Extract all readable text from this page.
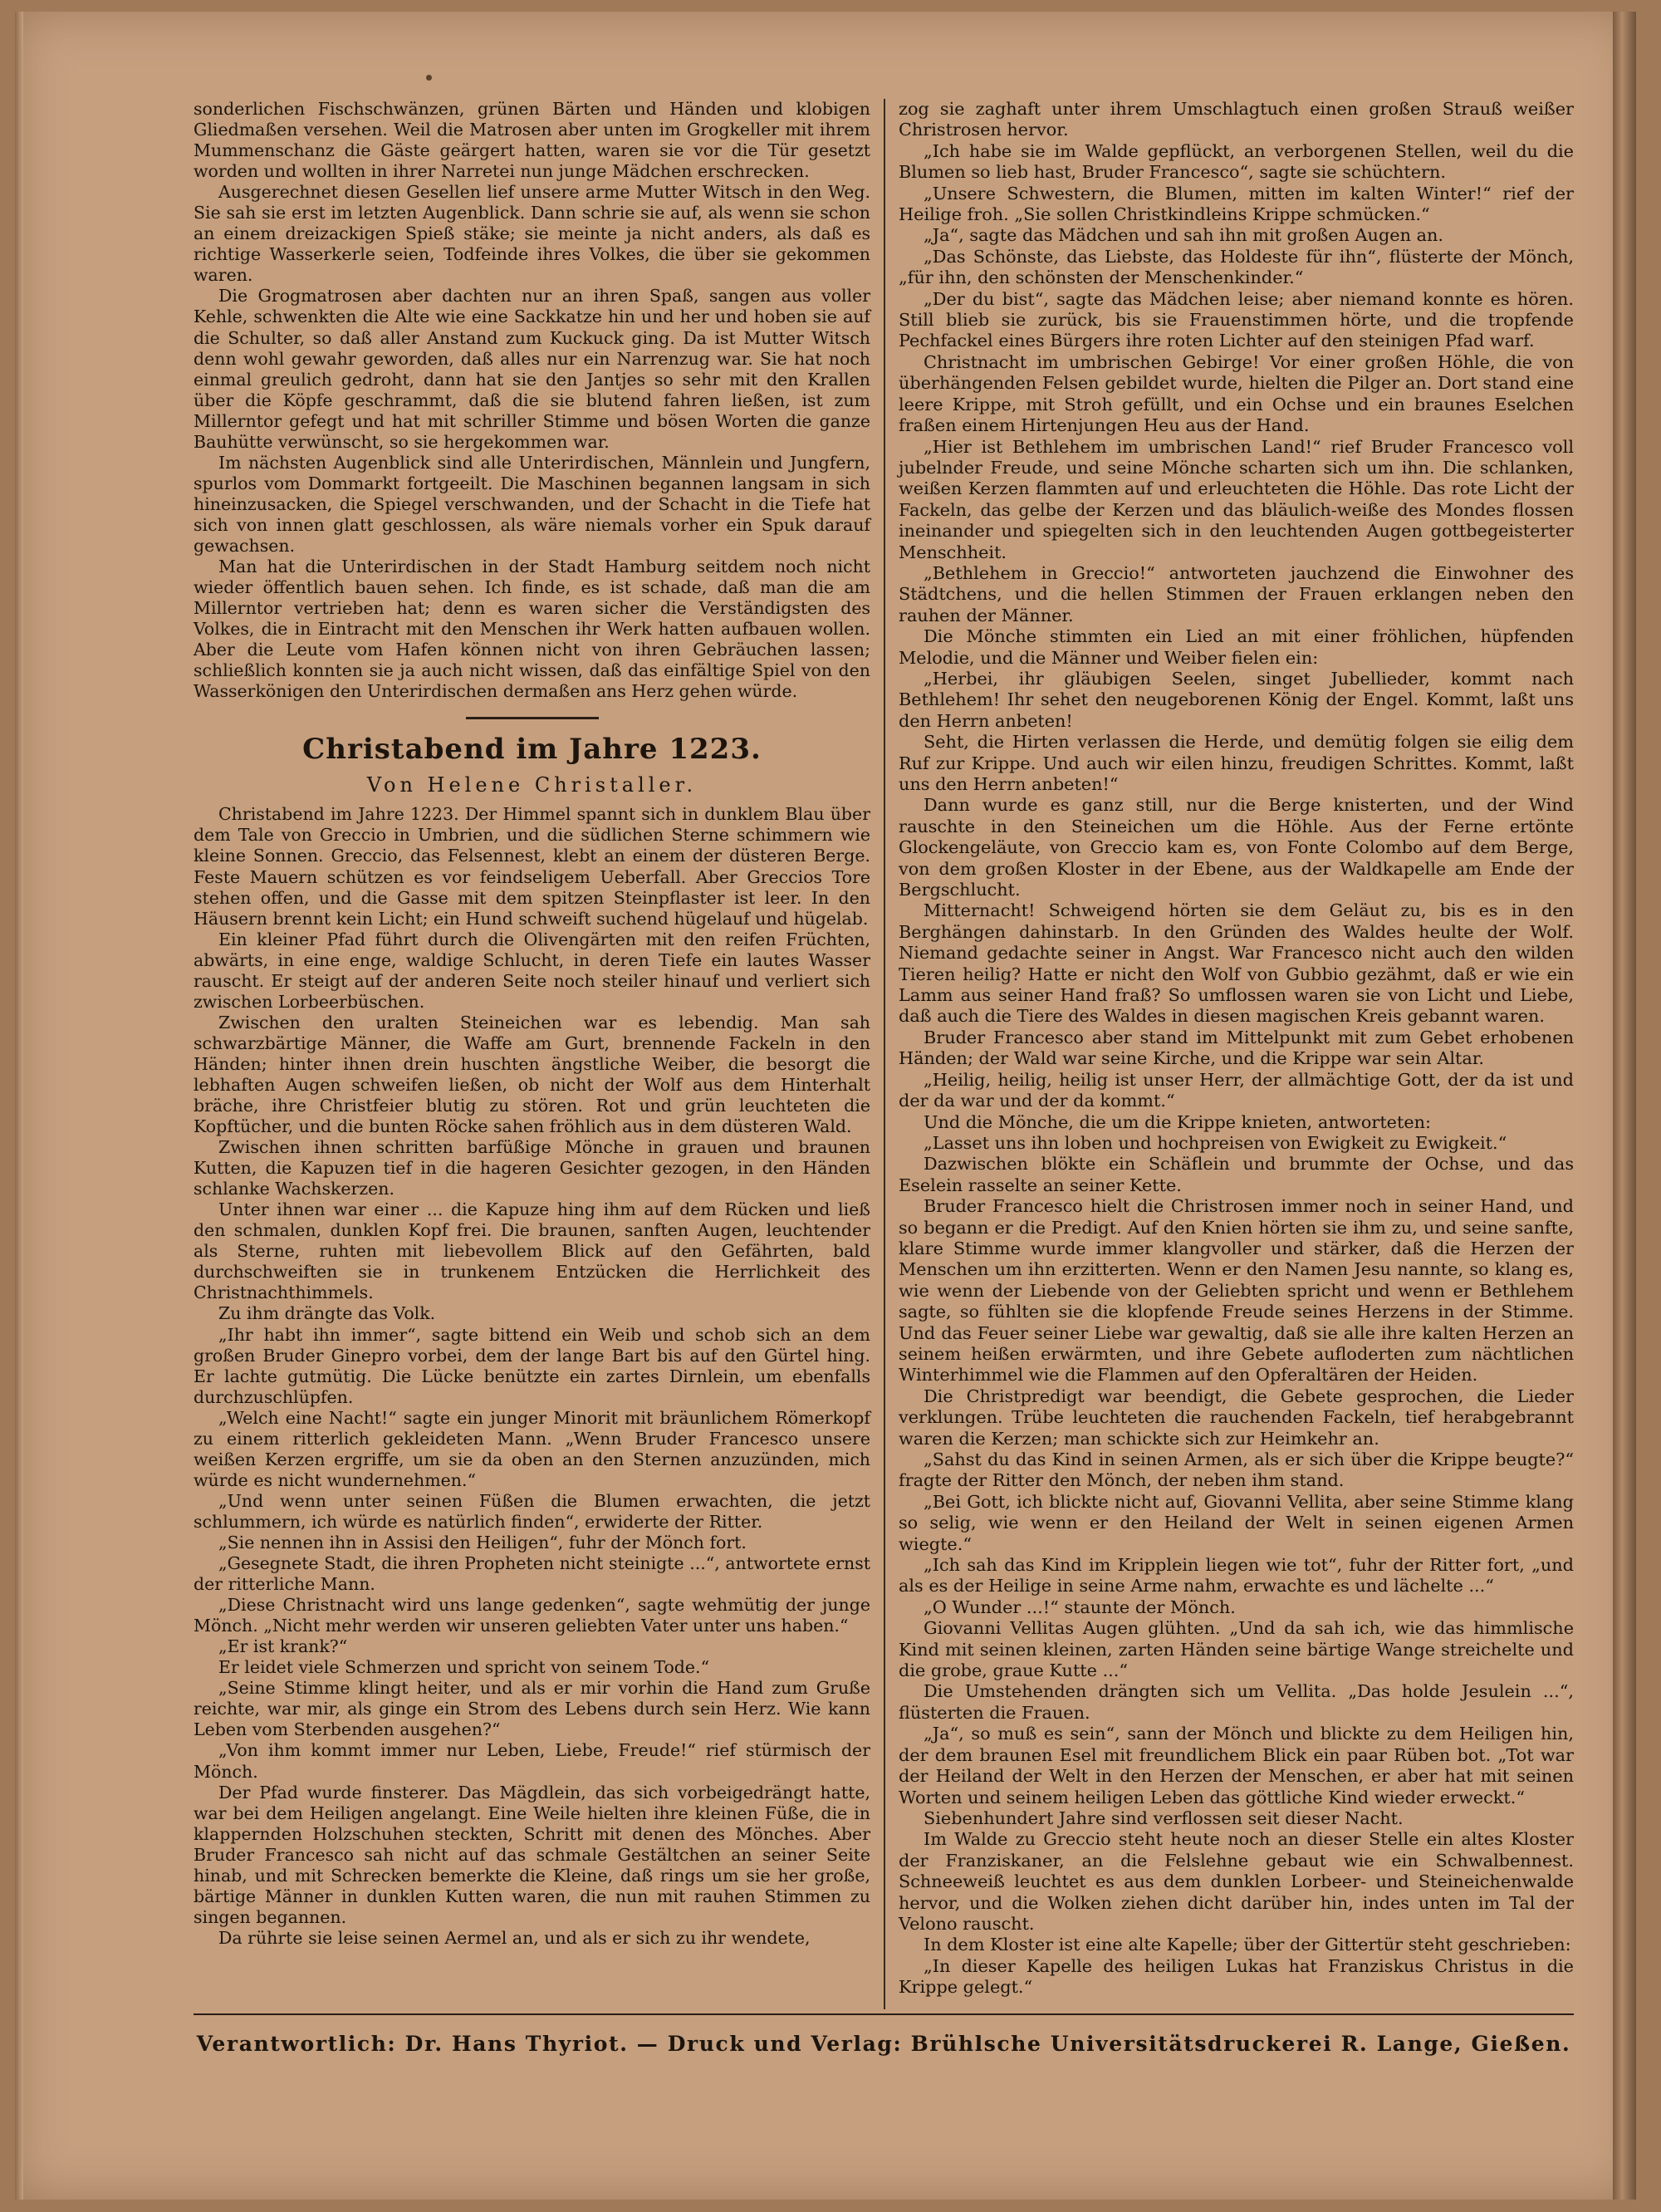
sonderlichen Fischschwänzen, grünen Bärten und Händen und klobigen Gliedmaßen versehen. Weil die Matrosen aber unten im Grogkeller mit ihrem Mummenschanz die Gäste geärgert hatten, waren sie vor die Tür gesetzt worden und wollten in ihrer Narretei nun junge Mädchen erschrecken.

Ausgerechnet diesen Gesellen lief unsere arme Mutter Witsch in den Weg. Sie sah sie erst im letzten Augenblick. Dann schrie sie auf, als wenn sie schon an einem dreizackigen Spieß stäke; sie meinte ja nicht anders, als daß es richtige Wasserkerle seien, Todfeinde ihres Volkes, die über sie gekommen waren.

Die Grogmatrosen aber dachten nur an ihren Spaß, sangen aus voller Kehle, schwenkten die Alte wie eine Sackkatze hin und her und hoben sie auf die Schulter, so daß aller Anstand zum Kuckuck ging. Da ist Mutter Witsch denn wohl gewahr geworden, daß alles nur ein Narrenzug war. Sie hat noch einmal greulich gedroht, dann hat sie den Jantjes so sehr mit den Krallen über die Köpfe geschrammt, daß die sie blutend fahren ließen, ist zum Millerntor gefegt und hat mit schriller Stimme und bösen Worten die ganze Bauhütte verwünscht, so sie hergekommen war.

Im nächsten Augenblick sind alle Unterirdischen, Männlein und Jungfern, spurlos vom Dommarkt fortgeeilt. Die Maschinen begannen langsam in sich hineinzusacken, die Spiegel verschwanden, und der Schacht in die Tiefe hat sich von innen glatt geschlossen, als wäre niemals vorher ein Spuk darauf gewachsen.

Man hat die Unterirdischen in der Stadt Hamburg seitdem noch nicht wieder öffentlich bauen sehen. Ich finde, es ist schade, daß man die am Millerntor vertrieben hat; denn es waren sicher die Verständigsten des Volkes, die in Eintracht mit den Menschen ihr Werk hatten aufbauen wollen. Aber die Leute vom Hafen können nicht von ihren Gebräuchen lassen; schließlich konnten sie ja auch nicht wissen, daß das einfältige Spiel von den Wasserkönigen den Unterirdischen dermaßen ans Herz gehen würde.

Christabend im Jahre 1223.
Von Helene Christaller.

Christabend im Jahre 1223. Der Himmel spannt sich in dunklem Blau über dem Tale von Greccio in Umbrien, und die südlichen Sterne schimmern wie kleine Sonnen. Greccio, das Felsennest, klebt an einem der düsteren Berge. Feste Mauern schützen es vor feindseligem Ueberfall. Aber Greccios Tore stehen offen, und die Gasse mit dem spitzen Steinpflaster ist leer. In den Häusern brennt kein Licht; ein Hund schweift suchend hügelauf und hügelab.

Ein kleiner Pfad führt durch die Olivengärten mit den reifen Früchten, abwärts, in eine enge, waldige Schlucht, in deren Tiefe ein lautes Wasser rauscht. Er steigt auf der anderen Seite noch steiler hinauf und verliert sich zwischen Lorbeerbüschen.

Zwischen den uralten Steineichen war es lebendig. Man sah schwarzbärtige Männer, die Waffe am Gurt, brennende Fackeln in den Händen; hinter ihnen drein huschten ängstliche Weiber, die besorgt die lebhaften Augen schweifen ließen, ob nicht der Wolf aus dem Hinterhalt bräche, ihre Christfeier blutig zu stören. Rot und grün leuchteten die Kopftücher, und die bunten Röcke sahen fröhlich aus in dem düsteren Wald.

Zwischen ihnen schritten barfüßige Mönche in grauen und braunen Kutten, die Kapuzen tief in die hageren Gesichter gezogen, in den Händen schlanke Wachskerzen.

Unter ihnen war einer ... die Kapuze hing ihm auf dem Rücken und ließ den schmalen, dunklen Kopf frei. Die braunen, sanften Augen, leuchtender als Sterne, ruhten mit liebevollem Blick auf den Gefährten, bald durchschweiften sie in trunkenem Entzücken die Herrlichkeit des Christnachthimmels.

Zu ihm drängte das Volk.

„Ihr habt ihn immer“, sagte bittend ein Weib und schob sich an dem großen Bruder Ginepro vorbei, dem der lange Bart bis auf den Gürtel hing. Er lachte gutmütig. Die Lücke benützte ein zartes Dirnlein, um ebenfalls durchzuschlüpfen.

„Welch eine Nacht!“ sagte ein junger Minorit mit bräunlichem Römerkopf zu einem ritterlich gekleideten Mann. „Wenn Bruder Francesco unsere weißen Kerzen ergriffe, um sie da oben an den Sternen anzuzünden, mich würde es nicht wundernehmen.“

„Und wenn unter seinen Füßen die Blumen erwachten, die jetzt schlummern, ich würde es natürlich finden“, erwiderte der Ritter.

„Sie nennen ihn in Assisi den Heiligen“, fuhr der Mönch fort.

„Gesegnete Stadt, die ihren Propheten nicht steinigte ...“, antwortete ernst der ritterliche Mann.

„Diese Christnacht wird uns lange gedenken“, sagte wehmütig der junge Mönch. „Nicht mehr werden wir unseren geliebten Vater unter uns haben.“

„Er ist krank?“

Er leidet viele Schmerzen und spricht von seinem Tode.“

„Seine Stimme klingt heiter, und als er mir vorhin die Hand zum Gruße reichte, war mir, als ginge ein Strom des Lebens durch sein Herz. Wie kann Leben vom Sterbenden ausgehen?“

„Von ihm kommt immer nur Leben, Liebe, Freude!“ rief stürmisch der Mönch.

Der Pfad wurde finsterer. Das Mägdlein, das sich vorbeigedrängt hatte, war bei dem Heiligen angelangt. Eine Weile hielten ihre kleinen Füße, die in klappernden Holzschuhen steckten, Schritt mit denen des Mönches. Aber Bruder Francesco sah nicht auf das schmale Gestältchen an seiner Seite hinab, und mit Schrecken bemerkte die Kleine, daß rings um sie her große, bärtige Männer in dunklen Kutten waren, die nun mit rauhen Stimmen zu singen begannen.

Da rührte sie leise seinen Aermel an, und als er sich zu ihr wendete,

zog sie zaghaft unter ihrem Umschlagtuch einen großen Strauß weißer Christrosen hervor.

„Ich habe sie im Walde gepflückt, an verborgenen Stellen, weil du die Blumen so lieb hast, Bruder Francesco“, sagte sie schüchtern.

„Unsere Schwestern, die Blumen, mitten im kalten Winter!“ rief der Heilige froh. „Sie sollen Christkindleins Krippe schmücken.“

„Ja“, sagte das Mädchen und sah ihn mit großen Augen an.

„Das Schönste, das Liebste, das Holdeste für ihn“, flüsterte der Mönch, „für ihn, den schönsten der Menschenkinder.“

„Der du bist“, sagte das Mädchen leise; aber niemand konnte es hören. Still blieb sie zurück, bis sie Frauenstimmen hörte, und die tropfende Pechfackel eines Bürgers ihre roten Lichter auf den steinigen Pfad warf.

Christnacht im umbrischen Gebirge! Vor einer großen Höhle, die von überhängenden Felsen gebildet wurde, hielten die Pilger an. Dort stand eine leere Krippe, mit Stroh gefüllt, und ein Ochse und ein braunes Eselchen fraßen einem Hirtenjungen Heu aus der Hand.

„Hier ist Bethlehem im umbrischen Land!“ rief Bruder Francesco voll jubelnder Freude, und seine Mönche scharten sich um ihn. Die schlanken, weißen Kerzen flammten auf und erleuchteten die Höhle. Das rote Licht der Fackeln, das gelbe der Kerzen und das bläulich-weiße des Mondes flossen ineinander und spiegelten sich in den leuchtenden Augen gottbegeisterter Menschheit.

„Bethlehem in Greccio!“ antworteten jauchzend die Einwohner des Städtchens, und die hellen Stimmen der Frauen erklangen neben den rauhen der Männer.

Die Mönche stimmten ein Lied an mit einer fröhlichen, hüpfenden Melodie, und die Männer und Weiber fielen ein:

„Herbei, ihr gläubigen Seelen, singet Jubellieder, kommt nach Bethlehem! Ihr sehet den neugeborenen König der Engel. Kommt, laßt uns den Herrn anbeten!

Seht, die Hirten verlassen die Herde, und demütig folgen sie eilig dem Ruf zur Krippe. Und auch wir eilen hinzu, freudigen Schrittes. Kommt, laßt uns den Herrn anbeten!“

Dann wurde es ganz still, nur die Berge knisterten, und der Wind rauschte in den Steineichen um die Höhle. Aus der Ferne ertönte Glockengeläute, von Greccio kam es, von Fonte Colombo auf dem Berge, von dem großen Kloster in der Ebene, aus der Waldkapelle am Ende der Bergschlucht.

Mitternacht! Schweigend hörten sie dem Geläut zu, bis es in den Berghängen dahinstarb. In den Gründen des Waldes heulte der Wolf. Niemand gedachte seiner in Angst. War Francesco nicht auch den wilden Tieren heilig? Hatte er nicht den Wolf von Gubbio gezähmt, daß er wie ein Lamm aus seiner Hand fraß? So umflossen waren sie von Licht und Liebe, daß auch die Tiere des Waldes in diesen magischen Kreis gebannt waren.

Bruder Francesco aber stand im Mittelpunkt mit zum Gebet erhobenen Händen; der Wald war seine Kirche, und die Krippe war sein Altar.

„Heilig, heilig, heilig ist unser Herr, der allmächtige Gott, der da ist und der da war und der da kommt.“

Und die Mönche, die um die Krippe knieten, antworteten:

„Lasset uns ihn loben und hochpreisen von Ewigkeit zu Ewigkeit.“

Dazwischen blökte ein Schäflein und brummte der Ochse, und das Eselein rasselte an seiner Kette.

Bruder Francesco hielt die Christrosen immer noch in seiner Hand, und so begann er die Predigt. Auf den Knien hörten sie ihm zu, und seine sanfte, klare Stimme wurde immer klangvoller und stärker, daß die Herzen der Menschen um ihn erzitterten. Wenn er den Namen Jesu nannte, so klang es, wie wenn der Liebende von der Geliebten spricht und wenn er Bethlehem sagte, so fühlten sie die klopfende Freude seines Herzens in der Stimme. Und das Feuer seiner Liebe war gewaltig, daß sie alle ihre kalten Herzen an seinem heißen erwärmten, und ihre Gebete aufloderten zum nächtlichen Winterhimmel wie die Flammen auf den Opferaltären der Heiden.

Die Christpredigt war beendigt, die Gebete gesprochen, die Lieder verklungen. Trübe leuchteten die rauchenden Fackeln, tief herabgebrannt waren die Kerzen; man schickte sich zur Heimkehr an.

„Sahst du das Kind in seinen Armen, als er sich über die Krippe beugte?“ fragte der Ritter den Mönch, der neben ihm stand.

„Bei Gott, ich blickte nicht auf, Giovanni Vellita, aber seine Stimme klang so selig, wie wenn er den Heiland der Welt in seinen eigenen Armen wiegte.“

„Ich sah das Kind im Kripplein liegen wie tot“, fuhr der Ritter fort, „und als es der Heilige in seine Arme nahm, erwachte es und lächelte ...“

„O Wunder ...!“ staunte der Mönch.

Giovanni Vellitas Augen glühten. „Und da sah ich, wie das himmlische Kind mit seinen kleinen, zarten Händen seine bärtige Wange streichelte und die grobe, graue Kutte ...“

Die Umstehenden drängten sich um Vellita. „Das holde Jesulein ...“, flüsterten die Frauen.

„Ja“, so muß es sein“, sann der Mönch und blickte zu dem Heiligen hin, der dem braunen Esel mit freundlichem Blick ein paar Rüben bot. „Tot war der Heiland der Welt in den Herzen der Menschen, er aber hat mit seinen Worten und seinem heiligen Leben das göttliche Kind wieder erweckt.“

Siebenhundert Jahre sind verflossen seit dieser Nacht.

Im Walde zu Greccio steht heute noch an dieser Stelle ein altes Kloster der Franziskaner, an die Felslehne gebaut wie ein Schwalbennest. Schneeweiß leuchtet es aus dem dunklen Lorbeer- und Steineichenwalde hervor, und die Wolken ziehen dicht darüber hin, indes unten im Tal der Velono rauscht.

In dem Kloster ist eine alte Kapelle; über der Gittertür steht geschrieben:

„In dieser Kapelle des heiligen Lukas hat Franziskus Christus in die Krippe gelegt.“

Verantwortlich: Dr. Hans Thyriot. — Druck und Verlag: Brühlsche Universitätsdruckerei R. Lange, Gießen.
